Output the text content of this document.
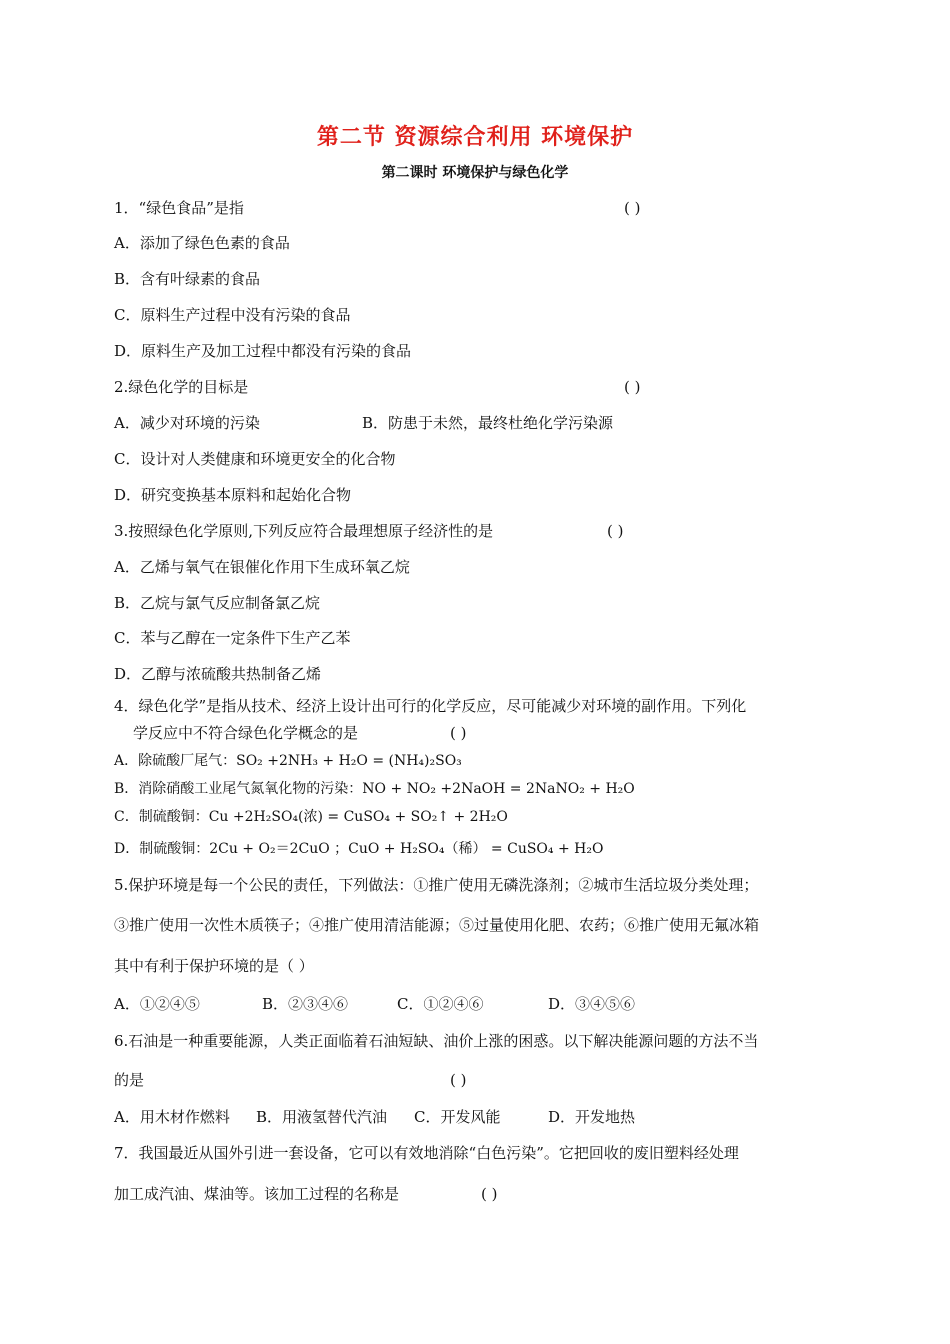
第二节 资源综合利用 环境保护
第二课时 环境保护与绿色化学
1．“绿色食品”是指	( )
A．添加了绿色色素的食品
B．含有叶绿素的食品
C．原料生产过程中没有污染的食品
D．原料生产及加工过程中都没有污染的食品
2.绿色化学的目标是	( )
A．减少对环境的污染	B．防患于未然，最终杜绝化学污染源
C．设计对人类健康和环境更安全的化合物
D．研究变换基本原料和起始化合物
3.按照绿色化学原则,下列反应符合最理想原子经济性的是	( )
A．乙烯与氧气在银催化作用下生成环氧乙烷
B．乙烷与氯气反应制备氯乙烷
C．苯与乙醇在一定条件下生产乙苯
D．乙醇与浓硫酸共热制备乙烯
4．绿色化学”是指从技术、经济上设计出可行的化学反应，尽可能减少对环境的副作用。下列化
学反应中不符合绿色化学概念的是	( )
A．除硫酸厂尾气：SO₂ +2NH₃ + H₂O = (NH₄)₂SO₃
B．消除硝酸工业尾气氮氧化物的污染：NO + NO₂ +2NaOH = 2NaNO₂ + H₂O
C．制硫酸铜：Cu +2H₂SO₄(浓) = CuSO₄ + SO₂↑ + 2H₂O
D．制硫酸铜：2Cu + O₂＝2CuO ；CuO + H₂SO₄（稀） = CuSO₄ + H₂O
5.保护环境是每一个公民的责任，下列做法：①推广使用无磷洗涤剂；②城市生活垃圾分类处理；
③推广使用一次性木质筷子；④推广使用清洁能源；⑤过量使用化肥、农药；⑥推广使用无氟冰箱
其中有利于保护环境的是（ ）
A．①②④⑤	B．②③④⑥	C．①②④⑥	D．③④⑤⑥
6.石油是一种重要能源，人类正面临着石油短缺、油价上涨的困惑。以下解决能源问题的方法不当
的是	( )
A．用木材作燃料 B．用液氢替代汽油 C．开发风能	D．开发地热
7．我国最近从国外引进一套设备，它可以有效地消除“白色污染”。它把回收的废旧塑料经处理
加工成汽油、煤油等。该加工过程的名称是	( )
